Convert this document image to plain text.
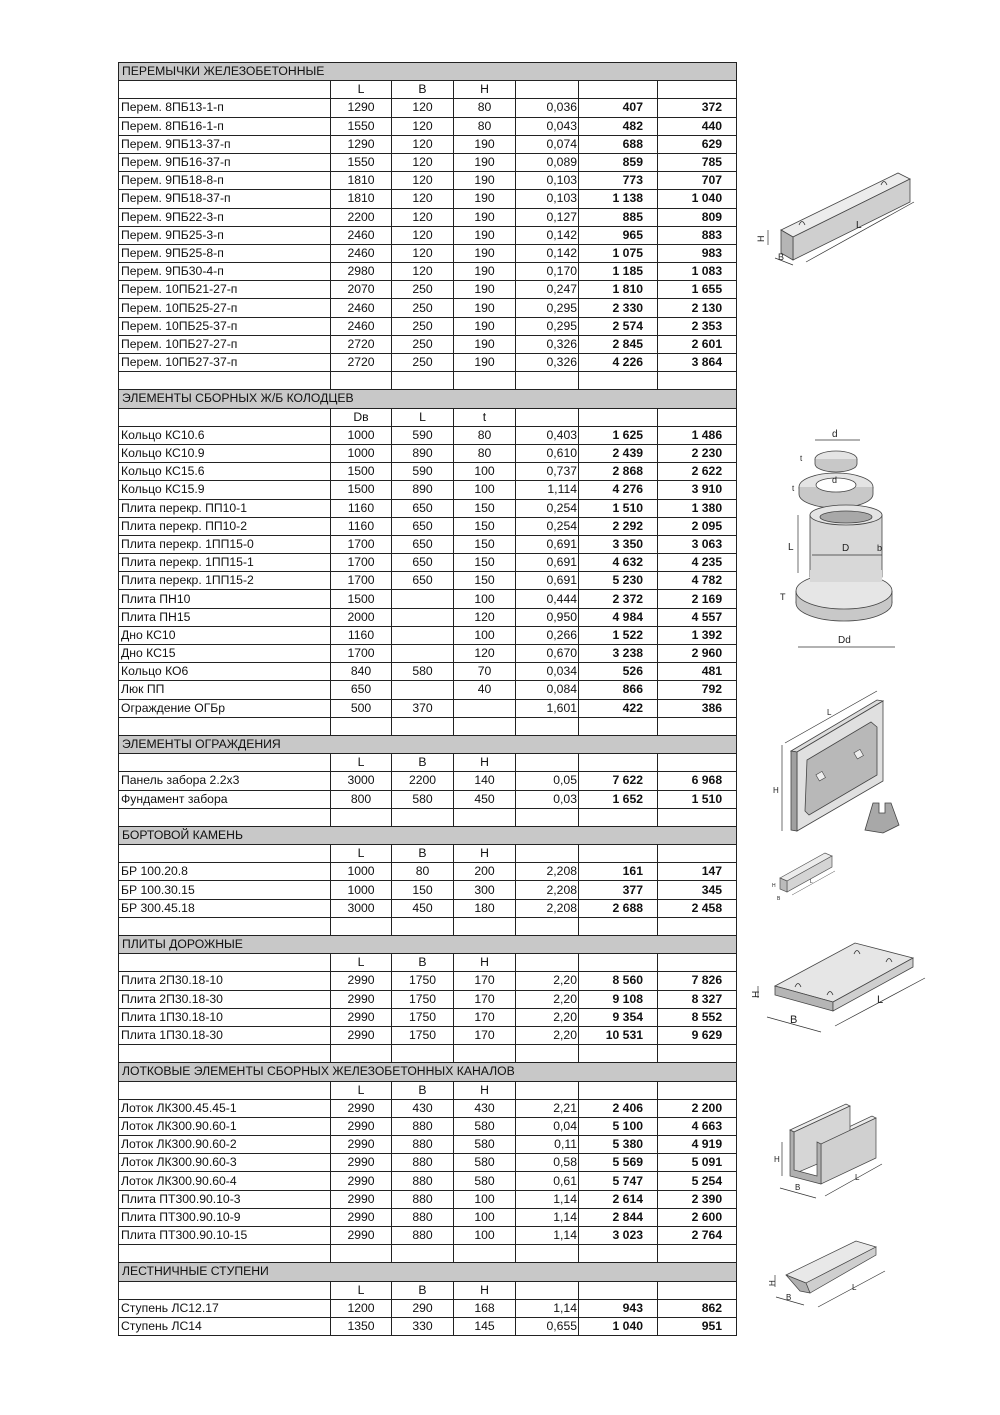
ПЕРЕМЫЧКИ ЖЕЛЕЗОБЕТОННЫЕ						
	L	B	H			
Перем. 8ПБ13-1-п	1290	120	80	0,036	407	372
Перем. 8ПБ16-1-п	1550	120	80	0,043	482	440
Перем. 9ПБ13-37-п	1290	120	190	0,074	688	629
Перем. 9ПБ16-37-п	1550	120	190	0,089	859	785
Перем. 9ПБ18-8-п	1810	120	190	0,103	773	707
Перем. 9ПБ18-37-п	1810	120	190	0,103	1 138	1 040
Перем. 9ПБ22-3-п	2200	120	190	0,127	885	809
Перем. 9ПБ25-3-п	2460	120	190	0,142	965	883
Перем. 9ПБ25-8-п	2460	120	190	0,142	1 075	983
Перем. 9ПБ30-4-п	2980	120	190	0,170	1 185	1 083
Перем. 10ПБ21-27-п	2070	250	190	0,247	1 810	1 655
Перем. 10ПБ25-27-п	2460	250	190	0,295	2 330	2 130
Перем. 10ПБ25-37-п	2460	250	190	0,295	2 574	2 353
Перем. 10ПБ27-27-п	2720	250	190	0,326	2 845	2 601
Перем. 10ПБ27-37-п	2720	250	190	0,326	4 226	3 864

ЭЛЕМЕНТЫ СБОРНЫХ Ж/Б КОЛОДЦЕВ						
	Dв	L	t			
Кольцо КС10.6	1000	590	80	0,403	1 625	1 486
Кольцо КС10.9	1000	890	80	0,610	2 439	2 230
Кольцо КС15.6	1500	590	100	0,737	2 868	2 622
Кольцо КС15.9	1500	890	100	1,114	4 276	3 910
Плита перекр. ПП10-1	1160	650	150	0,254	1 510	1 380
Плита перекр. ПП10-2	1160	650	150	0,254	2 292	2 095
Плита перекр. 1ПП15-0	1700	650	150	0,691	3 350	3 063
Плита перекр. 1ПП15-1	1700	650	150	0,691	4 632	4 235
Плита перекр. 1ПП15-2	1700	650	150	0,691	5 230	4 782
Плита ПН10	1500		100	0,444	2 372	2 169
Плита ПН15	2000		120	0,950	4 984	4 557
Дно КС10	1160		100	0,266	1 522	1 392
Дно КС15	1700		120	0,670	3 238	2 960
Кольцо КО6	840	580	70	0,034	526	481
Люк ПП	650		40	0,084	866	792
Ограждение ОГБр	500	370		1,601	422	386

ЭЛЕМЕНТЫ ОГРАЖДЕНИЯ						
	L	B	H			
Панель забора 2.2х3	3000	2200	140	0,05	7 622	6 968
Фундамент забора	800	580	450	0,03	1 652	1 510

БОРТОВОЙ КАМЕНЬ						
	L	B	H			
БР 100.20.8	1000	80	200	2,208	161	147
БР 100.30.15	1000	150	300	2,208	377	345
БР 300.45.18	3000	450	180	2,208	2 688	2 458

ПЛИТЫ ДОРОЖНЫЕ						
	L	B	H			
Плита 2П30.18-10	2990	1750	170	2,20	8 560	7 826
Плита 2П30.18-30	2990	1750	170	2,20	9 108	8 327
Плита 1П30.18-10	2990	1750	170	2,20	9 354	8 552
Плита 1П30.18-30	2990	1750	170	2,20	10 531	9 629

ЛОТКОВЫЕ ЭЛЕМЕНТЫ СБОРНЫХ ЖЕЛЕЗОБЕТОННЫХ КАНАЛОВ						
	L	B	H			
Лоток ЛК300.45.45-1	2990	430	430	2,21	2 406	2 200
Лоток ЛК300.90.60-1	2990	880	580	0,04	5 100	4 663
Лоток ЛК300.90.60-2	2990	880	580	0,11	5 380	4 919
Лоток ЛК300.90.60-3	2990	880	580	0,58	5 569	5 091
Лоток ЛК300.90.60-4	2990	880	580	0,61	5 747	5 254
Плита ПТ300.90.10-3	2990	880	100	1,14	2 614	2 390
Плита ПТ300.90.10-9	2990	880	100	1,14	2 844	2 600
Плита ПТ300.90.10-15	2990	880	100	1,14	3 023	2 764

ЛЕСТНИЧНЫЕ СТУПЕНИ						
	L	B	H			
Ступень ЛС12.17	1200	290	168	1,14	943	862
Ступень ЛС14	1350	330	145	0,655	1 040	951
H
B
L
d
t
d
t
L	D	b
T
Dd
L
H
H
B
L
H
B
L
H
B
L
H
B
L
